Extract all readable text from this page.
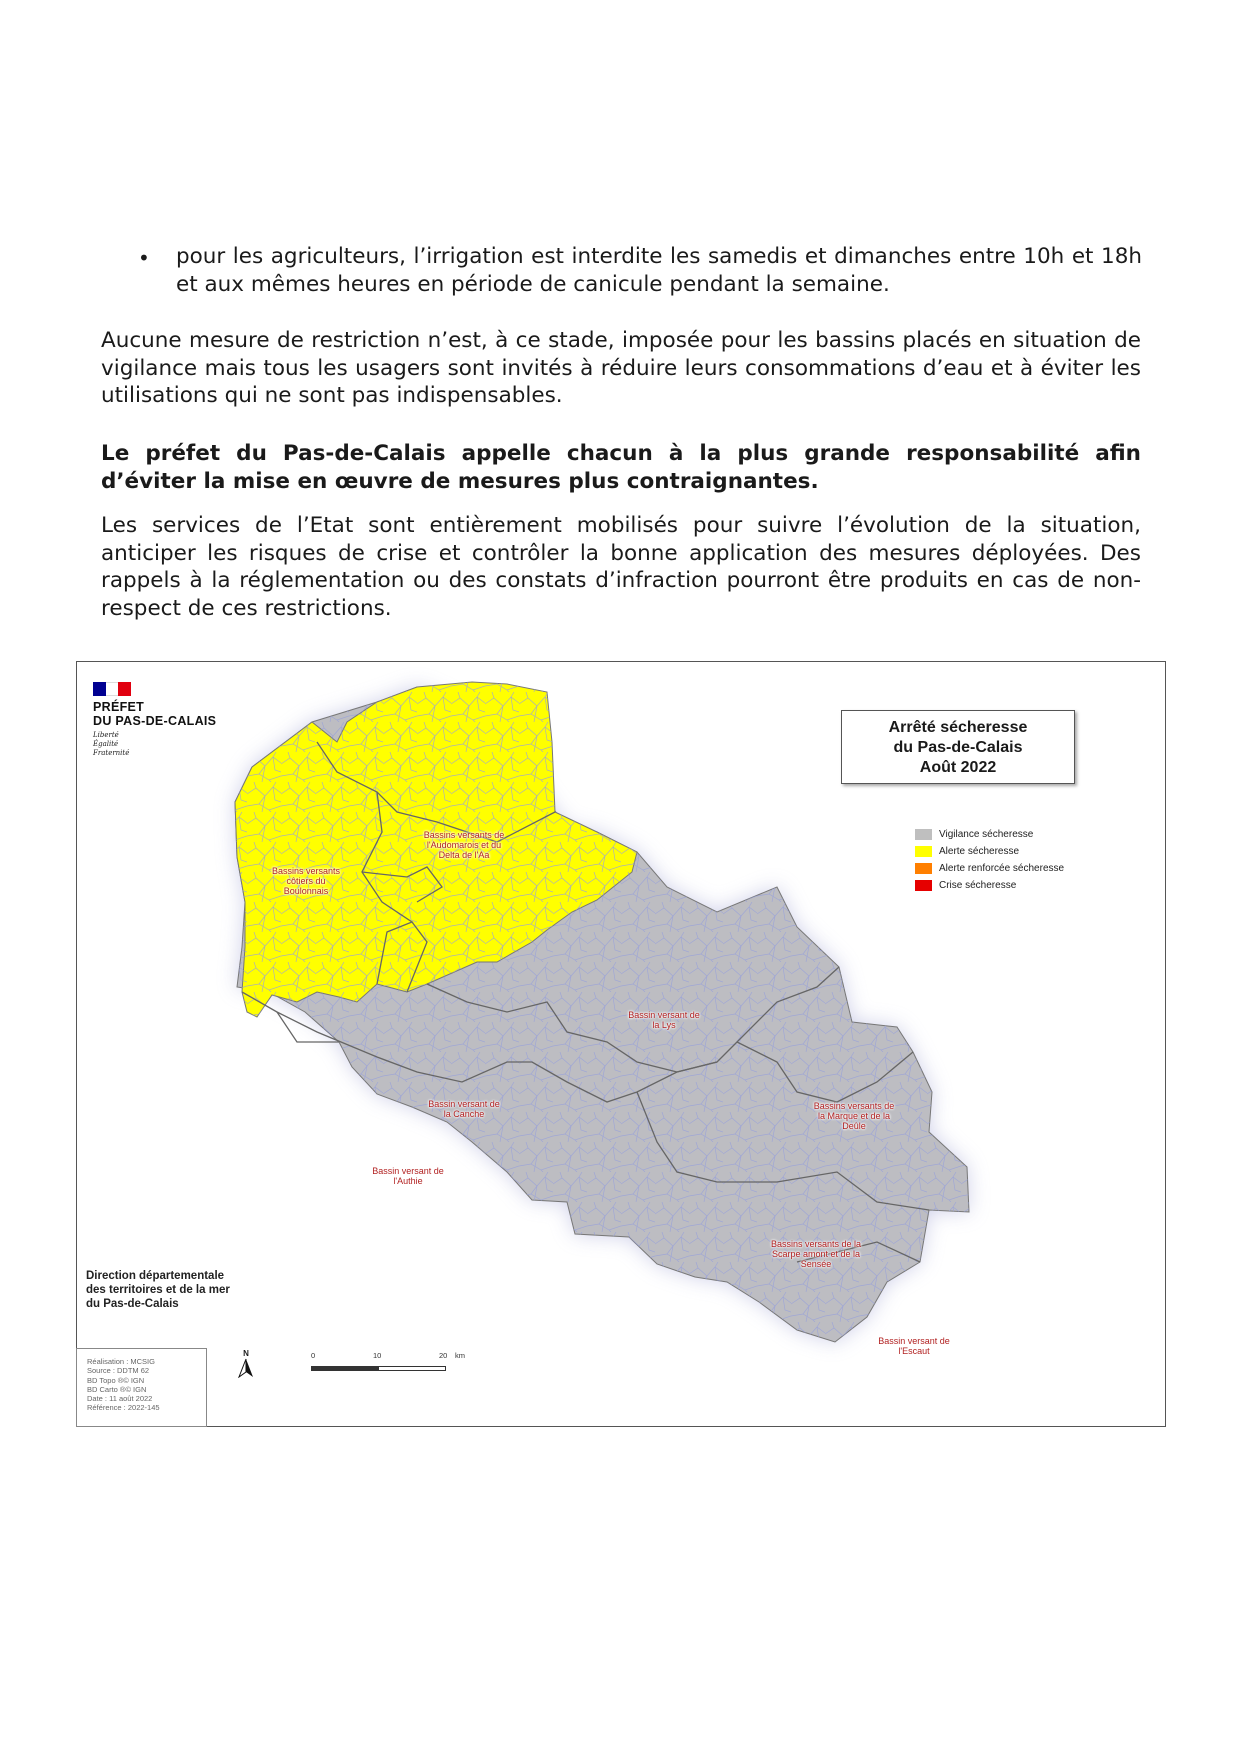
• pour les agriculteurs, l’irrigation est interdite les samedis et dimanches entre 10h et 18h et aux mêmes heures en période de canicule pendant la semaine.
Aucune mesure de restriction n’est, à ce stade, imposée pour les bassins placés en situation de vigilance mais tous les usagers sont invités à réduire leurs consommations d’eau et à éviter les utilisations qui ne sont pas indispensables.
Le préfet du Pas-de-Calais appelle chacun à la plus grande responsabilité afin d’éviter la mise en œuvre de mesures plus contraignantes.
Les services de l’Etat sont entièrement mobilisés pour suivre l’évolution de la situation, anticiper les risques de crise et contrôler la bonne application des mesures déployées. Des rappels à la réglementation ou des constats d’infraction pourront être produits en cas de non-respect de ces restrictions.
PRÉFET
DU PAS-DE-CALAIS
Liberté
Égalité
Fraternité
Arrêté sécheresse
du Pas-de-Calais
Août 2022
Vigilance sécheresse
Alerte sécheresse
Alerte renforcée sécheresse
Crise sécheresse
Bassins versants côtiers du Boulonnais
Bassins versants de l'Audomarois et du Delta de l'Aa
Bassin versant de la Lys
Bassin versant de la Canche
Bassins versants de la Marque et de la Deûle
Bassin versant de l'Authie
Bassins versants de la Scarpe amont et de la Sensée
Bassin versant de l'Escaut
Direction départementale
des territoires et de la mer
du Pas-de-Calais
Réalisation : MCSIG
Source : DDTM 62
BD Topo ®© IGN
BD Carto ®© IGN
Date : 11 août 2022
Référence : 2022-145
N	0	10	20 km
